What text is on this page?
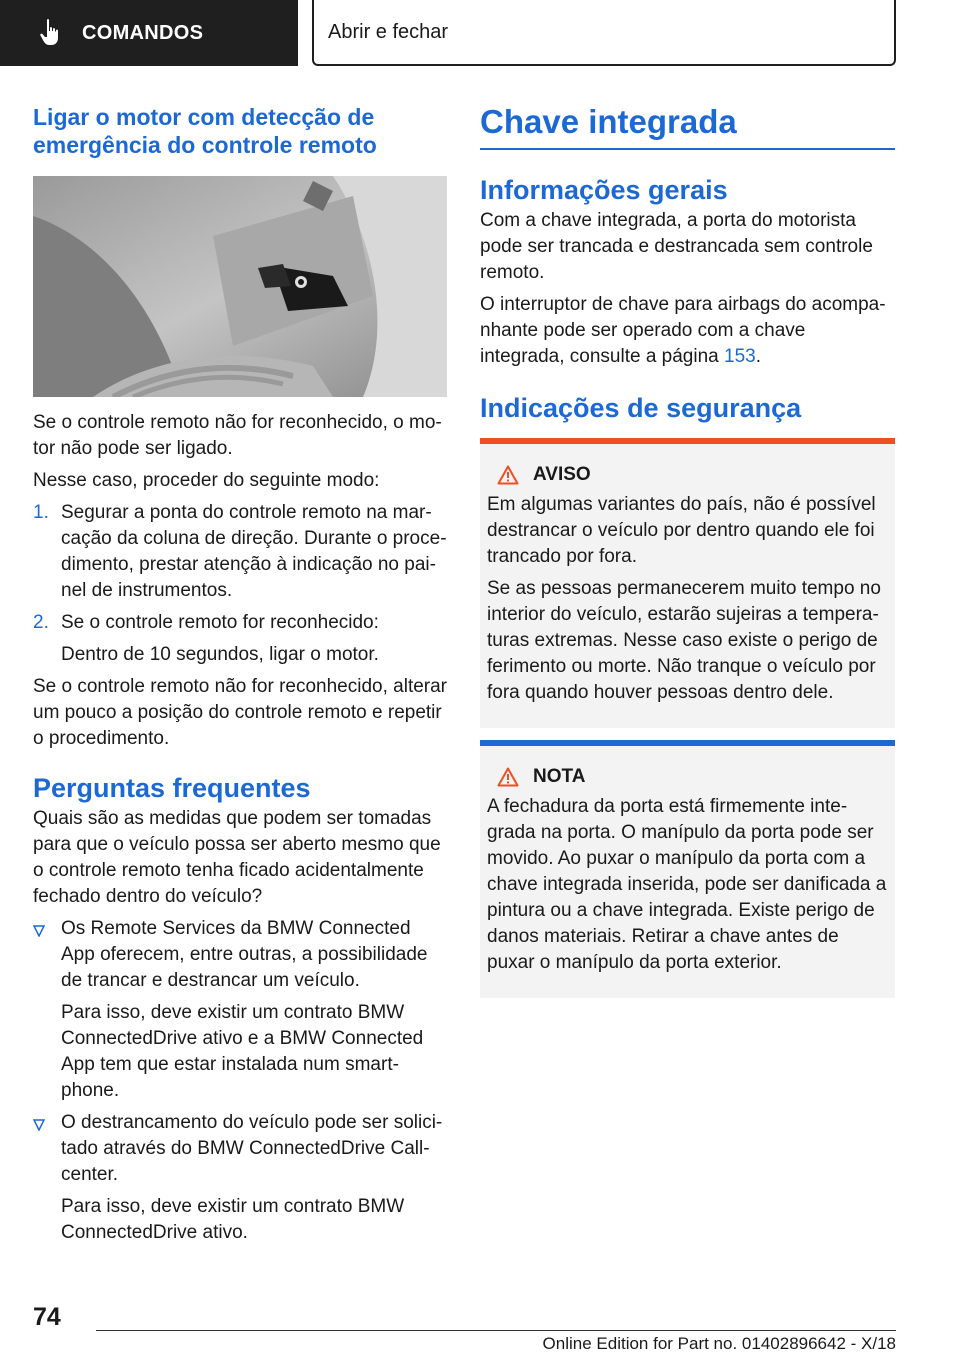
COMANDOS	Abrir e fechar
Ligar o motor com detecção de emergência do controle remoto

Se o controle remoto não for reconhecido, o mo-tor não pode ser ligado.

Nesse caso, proceder do seguinte modo:

1. Segurar a ponta do controle remoto na mar-cação da coluna de direção. Durante o proce-dimento, prestar atenção à indicação no pai-nel de instrumentos.

2. Se o controle remoto for reconhecido:

Dentro de 10 segundos, ligar o motor.

Se o controle remoto não for reconhecido, alterar um pouco a posição do controle remoto e repetir o procedimento.

Perguntas frequentes

Quais são as medidas que podem ser tomadas para que o veículo possa ser aberto mesmo que o controle remoto tenha ficado acidentalmente fechado dentro do veículo?

Os Remote Services da BMW Connected App oferecem, entre outras, a possibilidade de trancar e destrancar um veículo.

Para isso, deve existir um contrato BMW ConnectedDrive ativo e a BMW Connected App tem que estar instalada num smart-phone.

O destrancamento do veículo pode ser solici-tado através do BMW ConnectedDrive Call-center.

Para isso, deve existir um contrato BMW ConnectedDrive ativo.

Chave integrada
Informações gerais

Com a chave integrada, a porta do motorista pode ser trancada e destrancada sem controle remoto.

O interruptor de chave para airbags do acompa-nhante pode ser operado com a chave integrada, consulte a página 153.

Indicações de segurança
AVISO

Em algumas variantes do país, não é possível destrancar o veículo por dentro quando ele foi trancado por fora.

Se as pessoas permanecerem muito tempo no interior do veículo, estarão sujeiras a tempera-turas extremas. Nesse caso existe o perigo de ferimento ou morte. Não tranque o veículo por fora quando houver pessoas dentro dele.

NOTA

A fechadura da porta está firmemente inte-grada na porta. O manípulo da porta pode ser movido. Ao puxar o manípulo da porta com a chave integrada inserida, pode ser danificada a pintura ou a chave integrada. Existe perigo de danos materiais. Retirar a chave antes de puxar o manípulo da porta exterior.

74
Online Edition for Part no. 01402896642 - X/18
